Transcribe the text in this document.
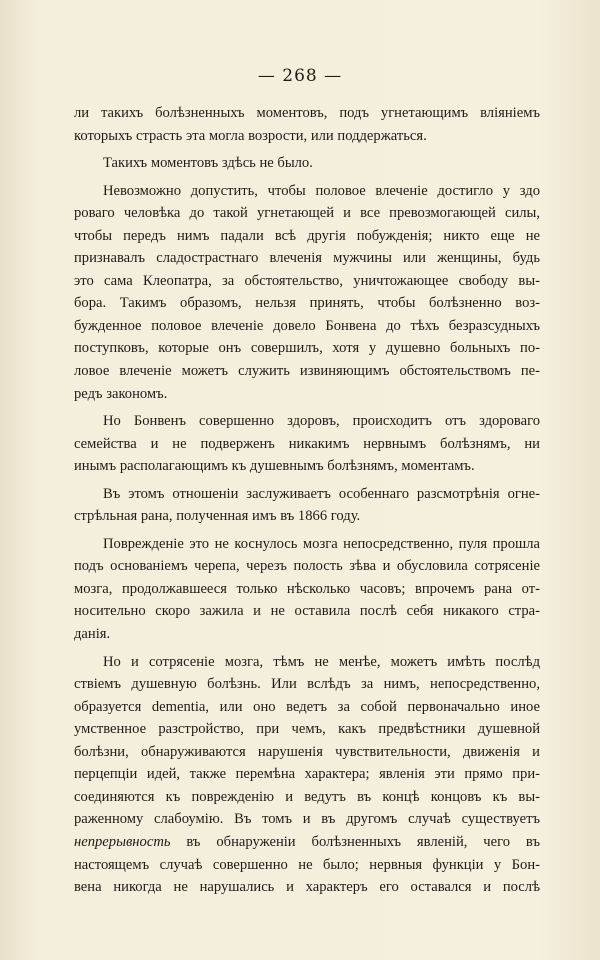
— 268 —
ли такихъ болѣзненныхъ моментовъ, подъ угнетающимъ вліяніемъ
которыхъ страсть эта могла возрости, или поддержаться.
Такихъ моментовъ здѣсь не было.
Невозможно допустить, чтобы половое влеченіе достигло у здо
роваго человѣка до такой угнетающей и все превозмогающей силы,
чтобы передъ нимъ падали всѣ другія побужденія; никто еще не
признавалъ сладострастнаго влеченія мужчины или женщины, будь
это сама Клеопатра, за обстоятельство, уничтожающее свободу вы-
бора. Такимъ образомъ, нельзя принять, чтобы болѣзненно воз-
бужденное половое влеченіе довело Бонвена до тѣхъ безразсудныхъ
поступковъ, которые онъ совершилъ, хотя у душевно больныхъ по-
ловое влеченіе можетъ служить извиняющимъ обстоятельствомъ пе-
редъ закономъ.
Но Бонвенъ совершенно здоровъ, происходитъ отъ здороваго
семейства и не подверженъ никакимъ нервнымъ болѣзнямъ, ни
инымъ располагающимъ къ душевнымъ болѣзнямъ, моментамъ.
Въ этомъ отношеніи заслуживаетъ особеннаго разсмотрѣнія огне-
стрѣльная рана, полученная имъ въ 1866 году.
Поврежденіе это не коснулось мозга непосредственно, пуля прошла
подъ основаніемъ черепа, черезъ полость зѣва и обусловила сотрясеніе
мозга, продолжавшееся только нѣсколько часовъ; впрочемъ рана от-
носительно скоро зажила и не оставила послѣ себя никакого стра-
данія.
Но и сотрясеніе мозга, тѣмъ не менѣе, можетъ имѣть послѣд
ствіемъ душевную болѣзнь. Или вслѣдъ за нимъ, непосредственно,
образуется dementia, или оно ведетъ за собой первоначально иное
умственное разстройство, при чемъ, какъ предвѣстники душевной
болѣзни, обнаруживаются нарушенія чувствительности, движенія и
перцепціи идей, также перемѣна характера; явленія эти прямо при-
соединяются къ поврежденію и ведутъ въ концѣ концовъ къ вы-
раженному слабоумію. Въ томъ и въ другомъ случаѣ существуетъ
непрерывность въ обнаруженіи болѣзненныхъ явленій, чего въ
настоящемъ случаѣ совершенно не было; нервныя функціи у Бон-
вена никогда не нарушались и характеръ его оставался и послѣ
